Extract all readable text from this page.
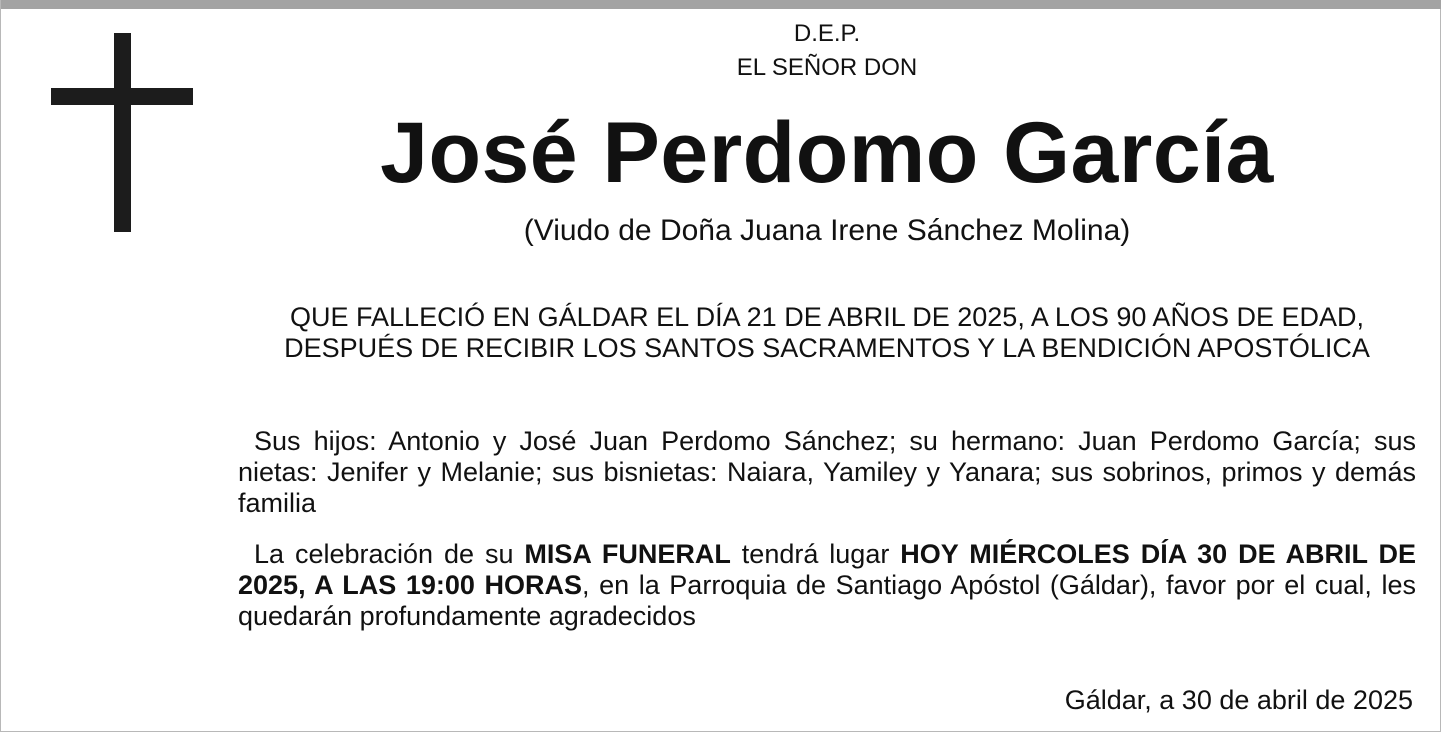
D.E.P.
EL SEÑOR DON
José Perdomo García
(Viudo de Doña Juana Irene Sánchez Molina)
QUE FALLECIÓ EN GÁLDAR EL DÍA 21 DE ABRIL DE 2025, A LOS 90 AÑOS DE EDAD, DESPUÉS DE RECIBIR LOS SANTOS SACRAMENTOS Y LA BENDICIÓN APOSTÓLICA
Sus hijos: Antonio y José Juan Perdomo Sánchez; su hermano: Juan Perdomo García; sus nietas: Jenifer y Melanie; sus bisnietas: Naiara, Yamiley y Yanara; sus sobrinos, primos y demás familia
La celebración de su MISA FUNERAL tendrá lugar HOY MIÉRCOLES DÍA 30 DE ABRIL DE 2025, A LAS 19:00 HORAS, en la Parroquia de Santiago Apóstol (Gáldar), favor por el cual, les quedarán profundamente agradecidos
Gáldar, a 30 de abril de 2025
